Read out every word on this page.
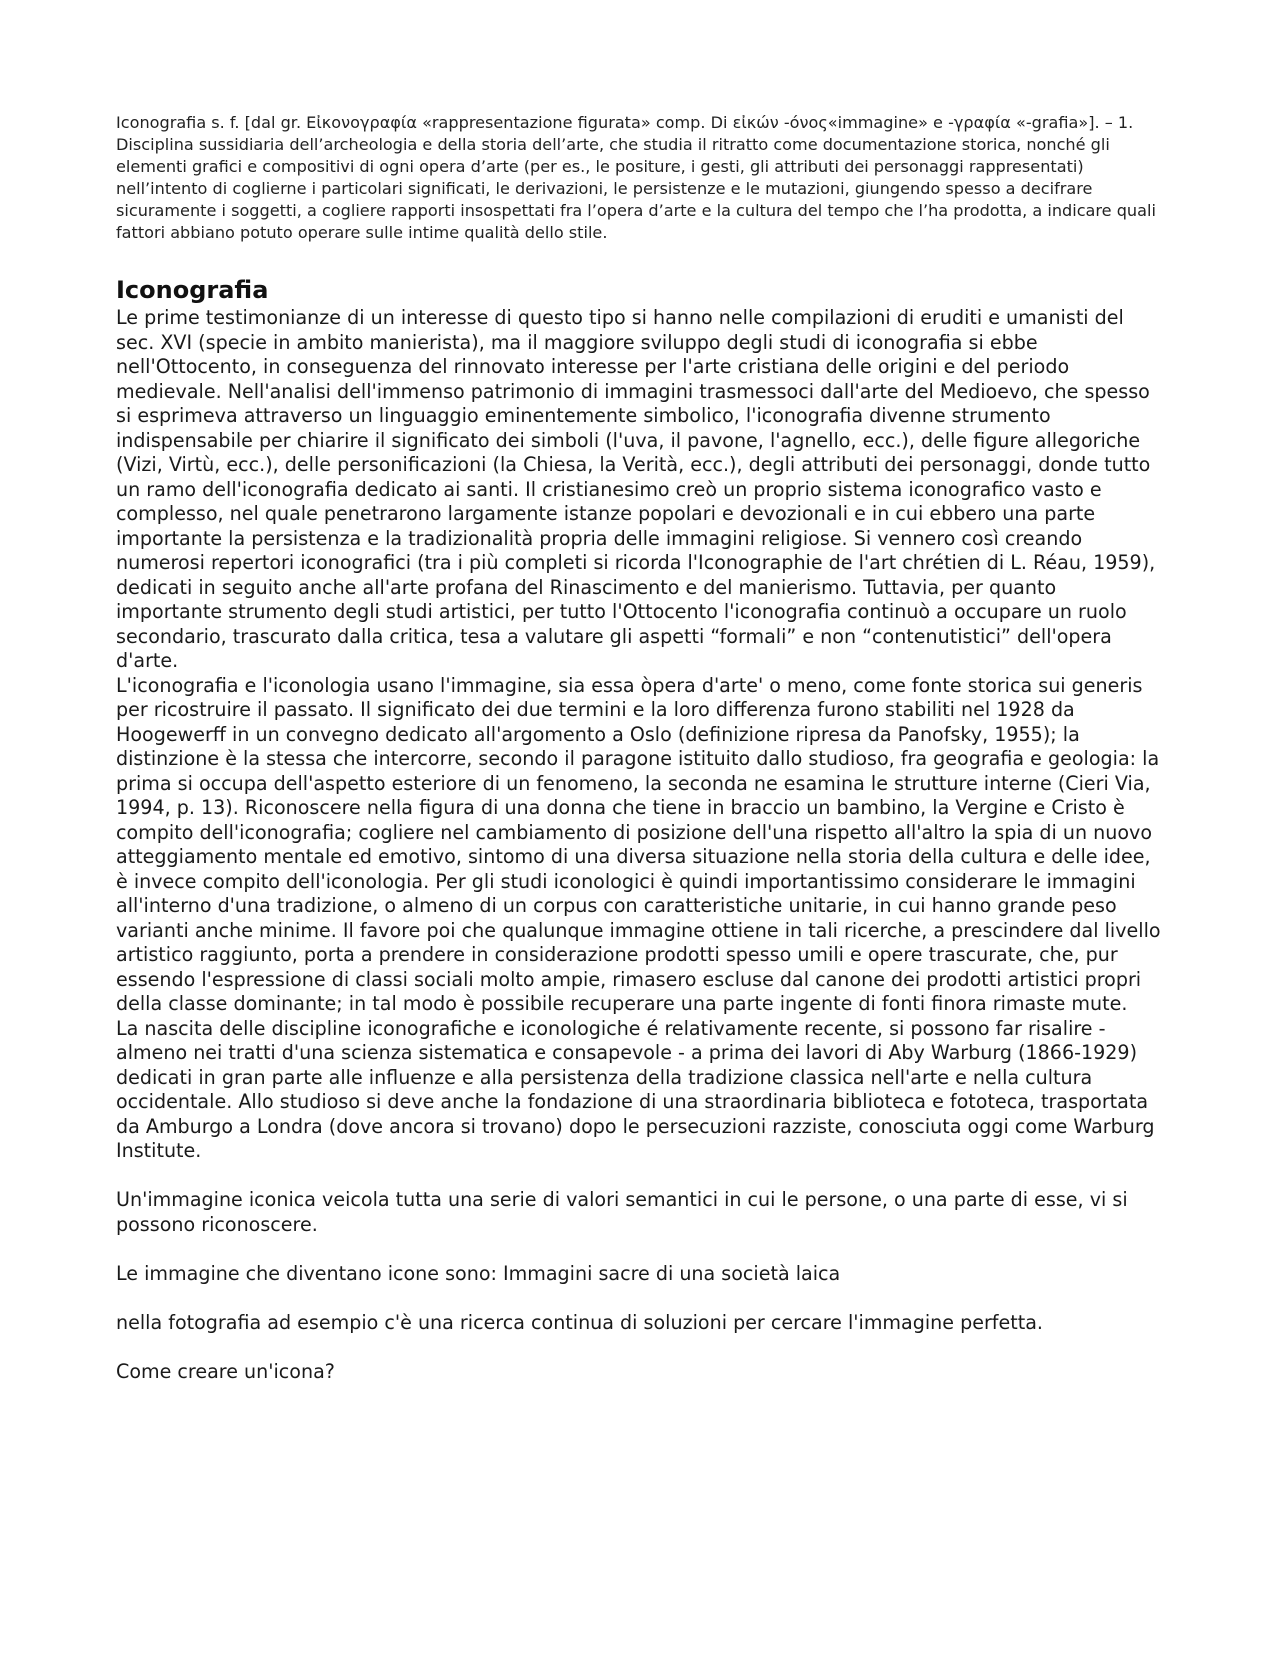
Iconografia s. f. [dal gr. Εἰκονογραφία «rappresentazione figurata» comp. Di εἰκών -όνος«immagine» e -γραφία «-grafia»]. – 1. Disciplina sussidiaria dell’archeologia e della storia dell’arte, che studia il ritratto come documentazione storica, nonché gli elementi grafici e compositivi di ogni opera d’arte (per es., le positure, i gesti, gli attributi dei personaggi rappresentati) nell’intento di coglierne i particolari significati, le derivazioni, le persistenze e le mutazioni, giungendo spesso a decifrare sicuramente i soggetti, a cogliere rapporti insospettati fra l’opera d’arte e la cultura del tempo che l’ha prodotta, a indicare quali fattori abbiano potuto operare sulle intime qualità dello stile.

Iconografia

Le prime testimonianze di un interesse di questo tipo si hanno nelle compilazioni di eruditi e umanisti del sec. XVI (specie in ambito manierista), ma il maggiore sviluppo degli studi di iconografia si ebbe nell'Ottocento, in conseguenza del rinnovato interesse per l'arte cristiana delle origini e del periodo medievale. Nell'analisi dell'immenso patrimonio di immagini trasmessoci dall'arte del Medioevo, che spesso si esprimeva attraverso un linguaggio eminentemente simbolico, l'iconografia divenne strumento indispensabile per chiarire il significato dei simboli (l'uva, il pavone, l'agnello, ecc.), delle figure allegoriche (Vizi, Virtù, ecc.), delle personificazioni (la Chiesa, la Verità, ecc.), degli attributi dei personaggi, donde tutto un ramo dell'iconografia dedicato ai santi. Il cristianesimo creò un proprio sistema iconografico vasto e complesso, nel quale penetrarono largamente istanze popolari e devozionali e in cui ebbero una parte importante la persistenza e la tradizionalità propria delle immagini religiose. Si vennero così creando numerosi repertori iconografici (tra i più completi si ricorda l'Iconographie de l'art chrétien di L. Réau, 1959), dedicati in seguito anche all'arte profana del Rinascimento e del manierismo. Tuttavia, per quanto importante strumento degli studi artistici, per tutto l'Ottocento l'iconografia continuò a occupare un ruolo secondario, trascurato dalla critica, tesa a valutare gli aspetti “formali” e non “contenutistici” dell'opera d'arte.

L'iconografia e l'iconologia usano l'immagine, sia essa òpera d'arte' o meno, come fonte storica sui generis per ricostruire il passato. Il significato dei due termini e la loro differenza furono stabiliti nel 1928 da Hoogewerff in un convegno dedicato all'argomento a Oslo (definizione ripresa da Panofsky, 1955); la distinzione è la stessa che intercorre, secondo il paragone istituito dallo studioso, fra geografia e geologia: la prima si occupa dell'aspetto esteriore di un fenomeno, la seconda ne esamina le strutture interne (Cieri Via, 1994, p. 13). Riconoscere nella figura di una donna che tiene in braccio un bambino, la Vergine e Cristo è compito dell'iconografia; cogliere nel cambiamento di posizione dell'una rispetto all'altro la spia di un nuovo atteggiamento mentale ed emotivo, sintomo di una diversa situazione nella storia della cultura e delle idee, è invece compito dell'iconologia. Per gli studi iconologici è quindi importantissimo considerare le immagini all'interno d'una tradizione, o almeno di un corpus con caratteristiche unitarie, in cui hanno grande peso varianti anche minime. Il favore poi che qualunque immagine ottiene in tali ricerche, a prescindere dal livello artistico raggiunto, porta a prendere in considerazione prodotti spesso umili e opere trascurate, che, pur essendo l'espressione di classi sociali molto ampie, rimasero escluse dal canone dei prodotti artistici propri della classe dominante; in tal modo è possibile recuperare una parte ingente di fonti finora rimaste mute.

La nascita delle discipline iconografiche e iconologiche é relativamente recente, si possono far risalire - almeno nei tratti d'una scienza sistematica e consapevole - a prima dei lavori di Aby Warburg (1866-1929) dedicati in gran parte alle influenze e alla persistenza della tradizione classica nell'arte e nella cultura occidentale. Allo studioso si deve anche la fondazione di una straordinaria biblioteca e fototeca, trasportata da Amburgo a Londra (dove ancora si trovano) dopo le persecuzioni razziste, conosciuta oggi come Warburg Institute.

Un'immagine iconica veicola tutta una serie di valori semantici in cui le persone, o una parte di esse, vi si possono riconoscere.

Le immagine che diventano icone sono: Immagini sacre di una società laica

nella fotografia ad esempio c'è una ricerca continua di soluzioni per cercare l'immagine perfetta.

Come creare un'icona?
